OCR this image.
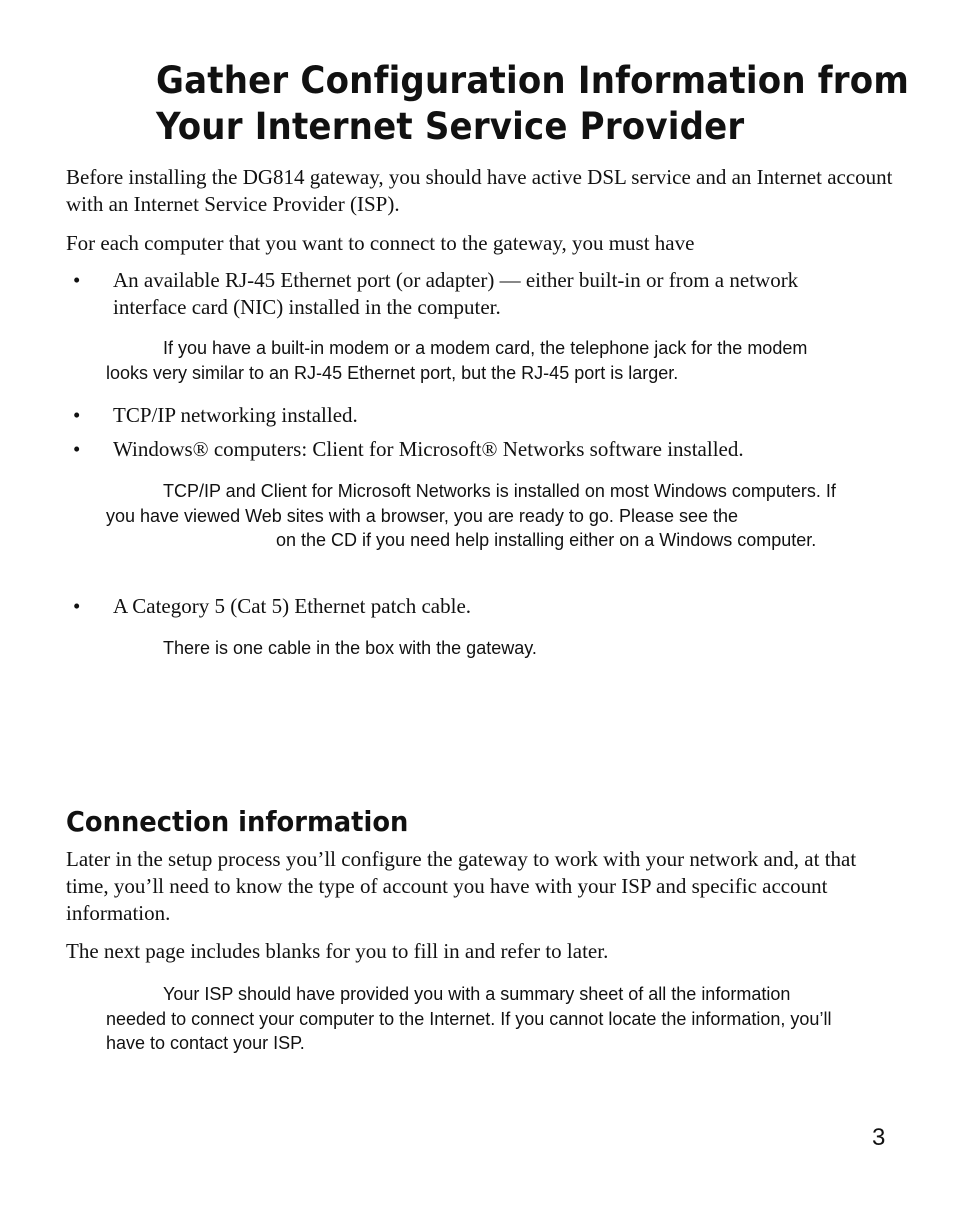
Gather Configuration Information from
Your Internet Service Provider

Before installing the DG814 gateway, you should have active DSL service and an Internet account with an Internet Service Provider (ISP).

For each computer that you want to connect to the gateway, you must have

• An available RJ-45 Ethernet port (or adapter) — either built-in or from a network interface card (NIC) installed in the computer.

If you have a built-in modem or a modem card, the telephone jack for the modem looks very similar to an RJ-45 Ethernet port, but the RJ-45 port is larger.

• TCP/IP networking installed.

• Windows® computers: Client for Microsoft® Networks software installed.

TCP/IP and Client for Microsoft Networks is installed on most Windows computers. If you have viewed Web sites with a browser, you are ready to go. Please see theon the CD if you need help installing either on a Windows computer.

• A Category 5 (Cat 5) Ethernet patch cable.

There is one cable in the box with the gateway.

Connection information

Later in the setup process you’ll configure the gateway to work with your network and, at that time, you’ll need to know the type of account you have with your ISP and specific account information.

The next page includes blanks for you to fill in and refer to later.

Your ISP should have provided you with a summary sheet of all the information needed to connect your computer to the Internet. If you cannot locate the information, you’ll have to contact your ISP.

3
